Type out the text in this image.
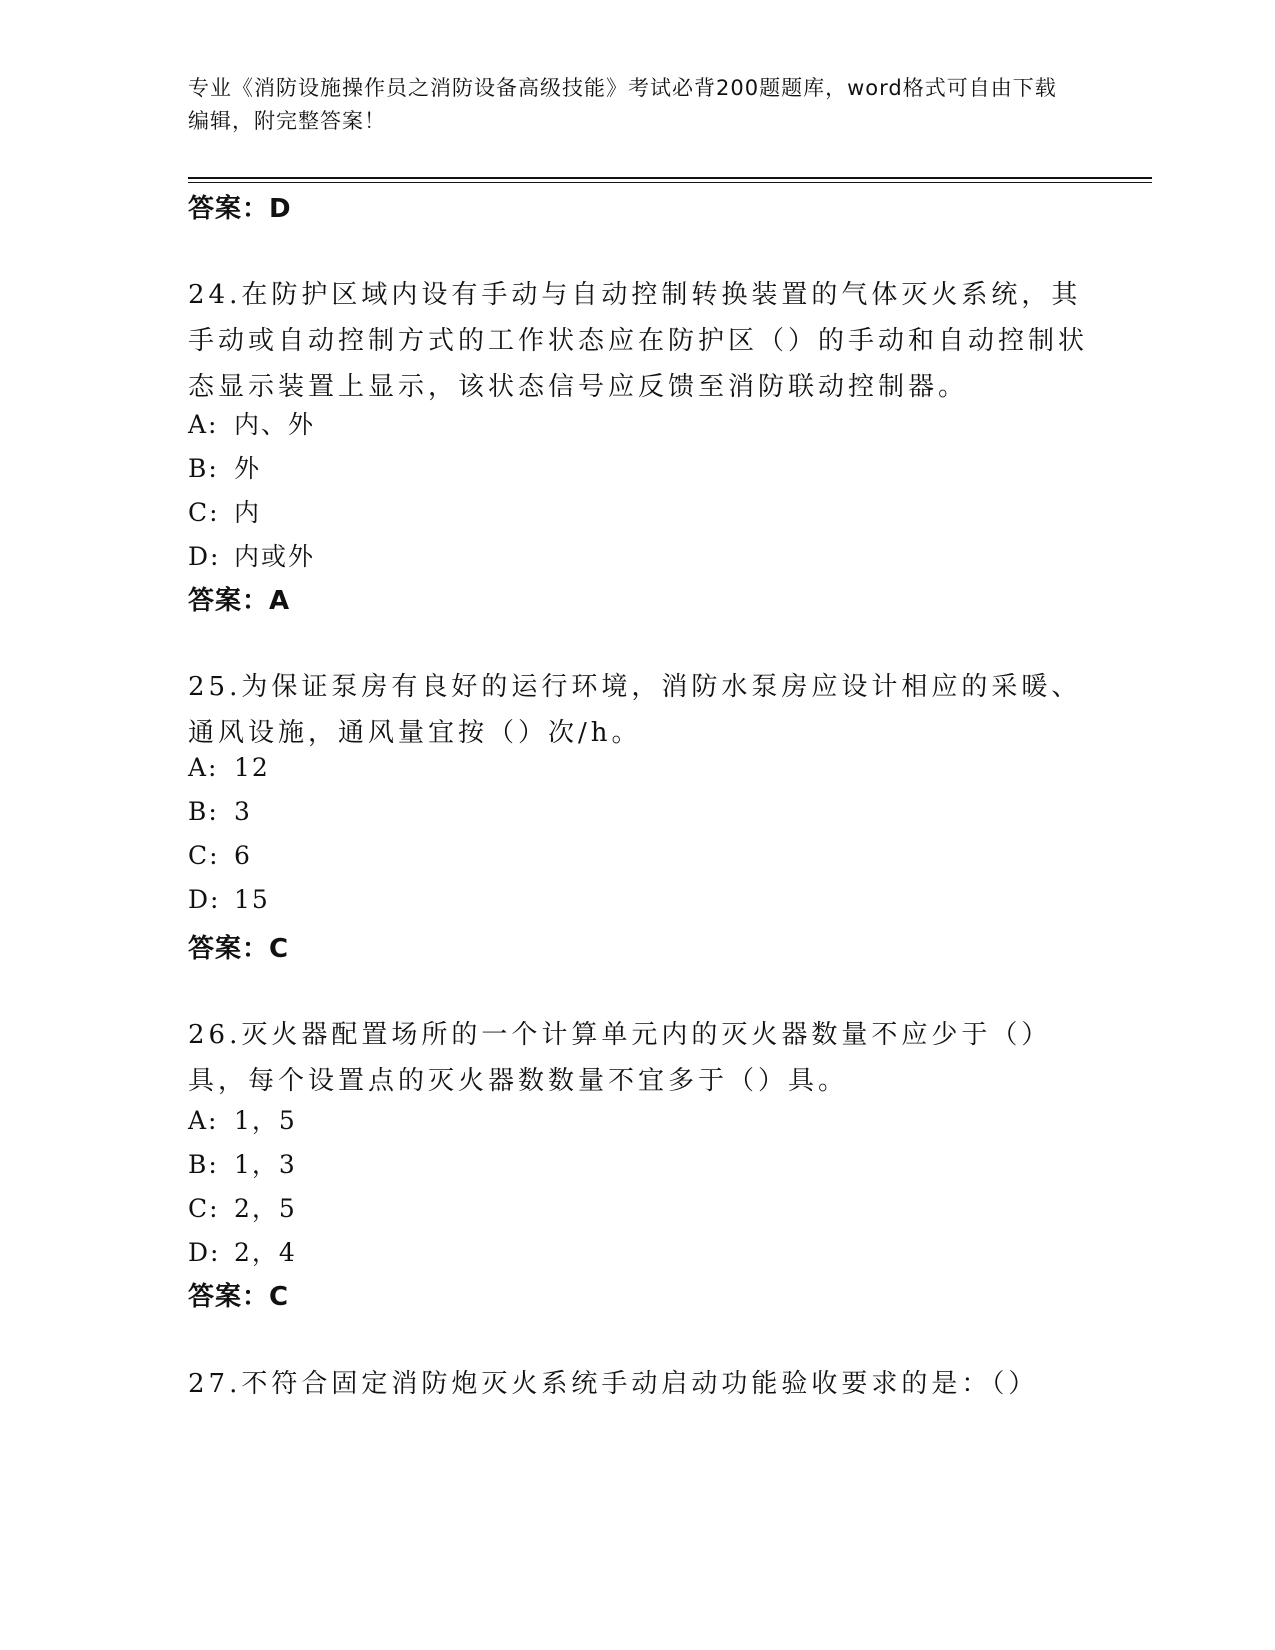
专业《消防设施操作员之消防设备高级技能》考试必背200题题库，word格式可自由下载编辑，附完整答案！
答案：D
24.在防护区域内设有手动与自动控制转换装置的气体灭火系统，其手动或自动控制方式的工作状态应在防护区（）的手动和自动控制状态显示装置上显示，该状态信号应反馈至消防联动控制器。
A: 内、外
B: 外
C: 内
D: 内或外
答案：A
25.为保证泵房有良好的运行环境，消防水泵房应设计相应的采暖、通风设施，通风量宜按（）次/h。
A: 12
B: 3
C: 6
D: 15
答案：C
26.灭火器配置场所的一个计算单元内的灭火器数量不应少于（）具，每个设置点的灭火器数数量不宜多于（）具。
A: 1，5
B: 1，3
C: 2，5
D: 2，4
答案：C
27.不符合固定消防炮灭火系统手动启动功能验收要求的是：（）
